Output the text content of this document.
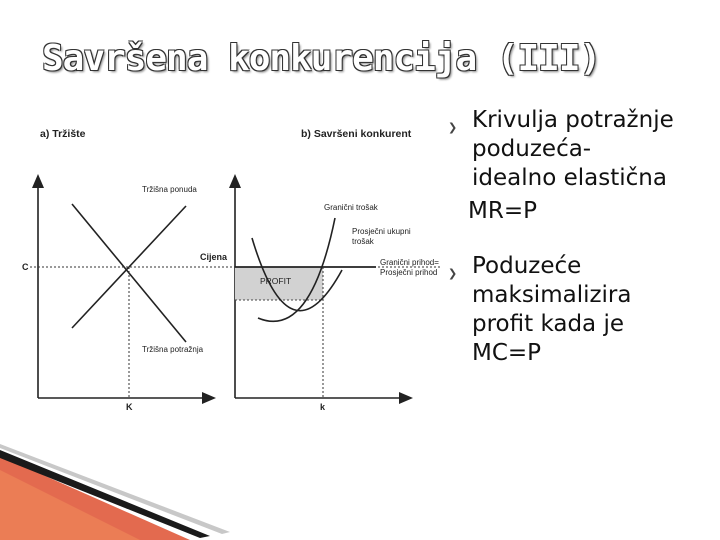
Savršena konkurencija (III)
a) Tržište
Tržišna ponuda
Tržišna potražnja
C
K
b) Savršeni konkurent
PROFIT
Cijena
Granični trošak
Prosječni ukupni
trošak
Granični prihod=
Prosječni prihod
k
❯ Krivulja potražnje
poduzeća-
idealno elastična
MR=P
❯ Poduzeće
maksimalizira
profit kada je
MC=P
